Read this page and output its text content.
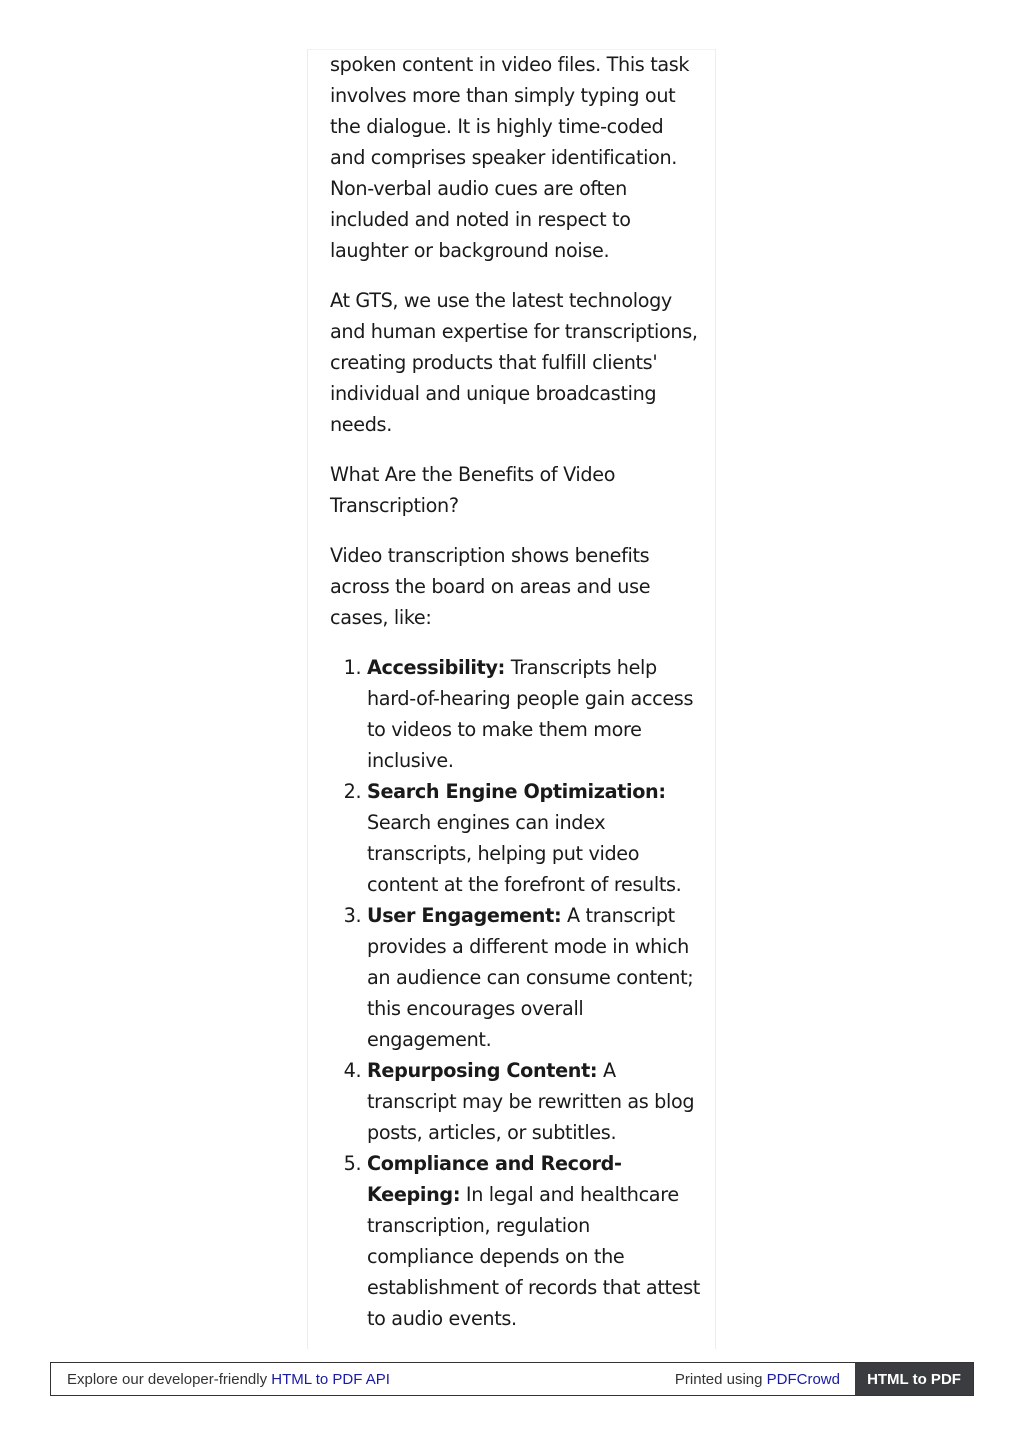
spoken content in video files. This task involves more than simply typing out the dialogue. It is highly time-coded and comprises speaker identification. Non-verbal audio cues are often included and noted in respect to laughter or background noise.

At GTS, we use the latest technology and human expertise for transcriptions, creating products that fulfill clients' individual and unique broadcasting needs.

What Are the Benefits of Video Transcription?

Video transcription shows benefits across the board on areas and use cases, like:

1. Accessibility: Transcripts help hard-of-hearing people gain access to videos to make them more inclusive.
2. Search Engine Optimization: Search engines can index transcripts, helping put video content at the forefront of results.
3. User Engagement: A transcript provides a different mode in which an audience can consume content; this encourages overall engagement.
4. Repurposing Content: A transcript may be rewritten as blog posts, articles, or subtitles.
5. Compliance and Record-Keeping: In legal and healthcare transcription, regulation compliance depends on the establishment of records that attest to audio events.
Explore our developer-friendly HTML to PDF API	Printed using PDFCrowd	HTML to PDF
